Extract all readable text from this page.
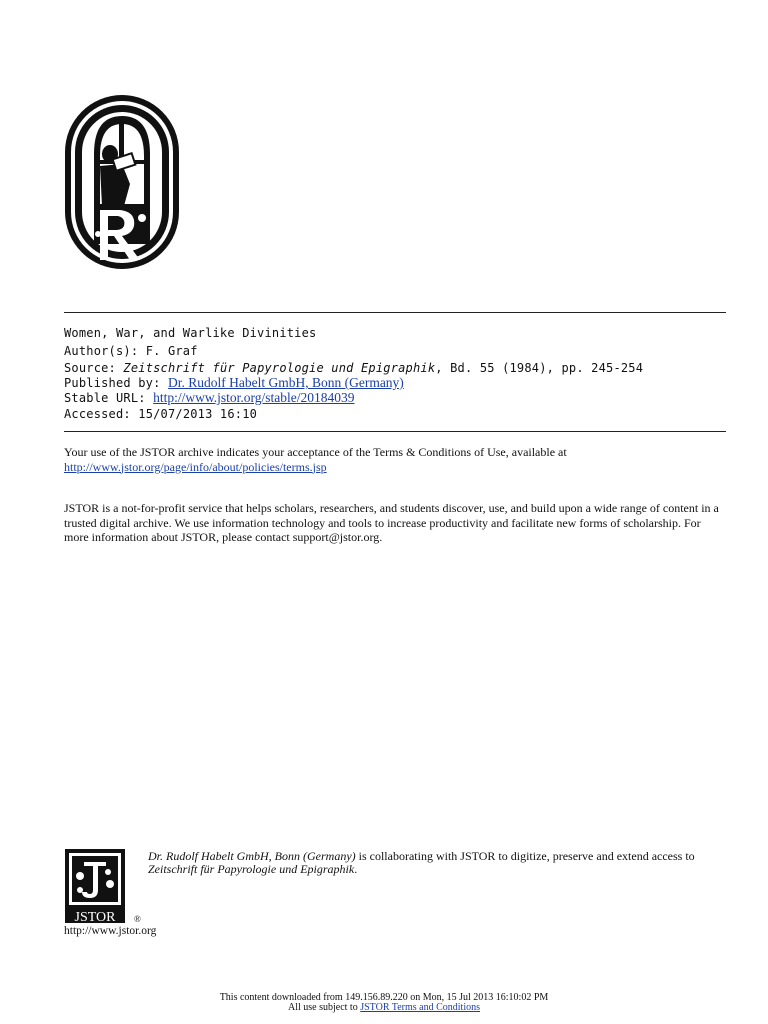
Women, War, and Warlike Divinities
Author(s): F. Graf
Source: Zeitschrift für Papyrologie und Epigraphik, Bd. 55 (1984), pp. 245-254
Published by: Dr. Rudolf Habelt GmbH, Bonn (Germany)
Stable URL: http://www.jstor.org/stable/20184039
Accessed: 15/07/2013 16:10
Your use of the JSTOR archive indicates your acceptance of the Terms & Conditions of Use, available at
http://www.jstor.org/page/info/about/policies/terms.jsp
JSTOR is a not-for-profit service that helps scholars, researchers, and students discover, use, and build upon a wide range of content in a trusted digital archive. We use information technology and tools to increase productivity and facilitate new forms of scholarship. For more information about JSTOR, please contact support@jstor.org.
JSTOR ®
http://www.jstor.org
Dr. Rudolf Habelt GmbH, Bonn (Germany) is collaborating with JSTOR to digitize, preserve and extend access to Zeitschrift für Papyrologie und Epigraphik.
This content downloaded from 149.156.89.220 on Mon, 15 Jul 2013 16:10:02 PM
All use subject to JSTOR Terms and Conditions
